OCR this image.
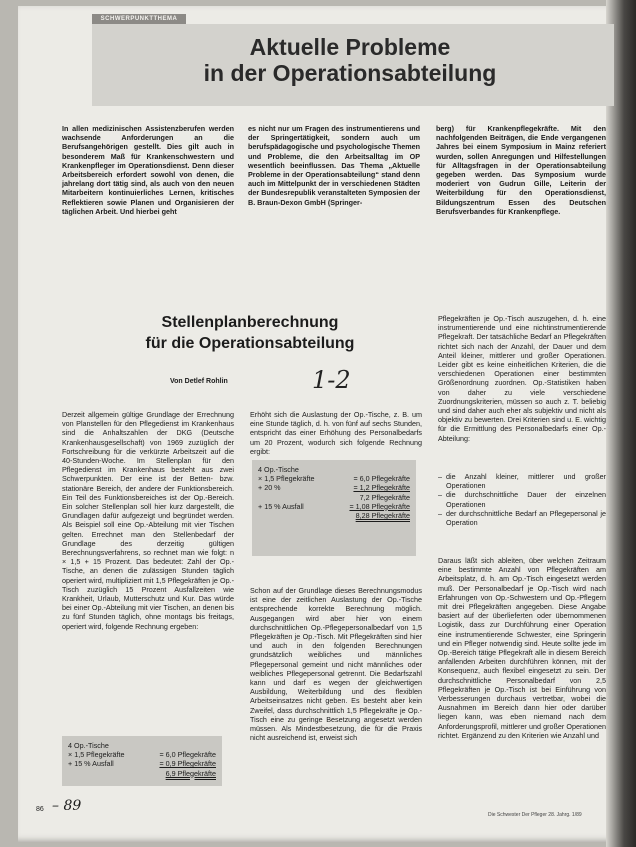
SCHWERPUNKTTHEMA
Aktuelle Probleme
in der Operationsabteilung
In allen medizinischen Assistenzberufen werden wachsende Anforderungen an die Berufsangehörigen gestellt. Dies gilt auch in besonderem Maß für Krankenschwestern und Krankenpfleger im Operationsdienst. Denn dieser Arbeitsbereich erfordert sowohl von denen, die jahrelang dort tätig sind, als auch von den neuen Mitarbeitern kontinuierliches Lernen, kritisches Reflektieren sowie Planen und Organisieren der täglichen Arbeit. Und hierbei geht
es nicht nur um Fragen des instrumentierens und der Springertätigkeit, sondern auch um berufspädagogische und psychologische Themen und Probleme, die den Arbeitsalltag im OP wesentlich beeinflussen. Das Thema „Aktuelle Probleme in der Operationsabteilung“ stand denn auch im Mittelpunkt der in verschiedenen Städten der Bundesrepublik veranstalteten Symposien der B. Braun-Dexon GmbH (Springer-
berg) für Krankenpflegekräfte. Mit den nachfolgenden Beiträgen, die Ende vergangenen Jahres bei einem Symposium in Mainz referiert wurden, sollen Anregungen und Hilfestellungen für Alltagsfragen in der Operationsabteilung gegeben werden. Das Symposium wurde moderiert von Gudrun Gille, Leiterin der Weiterbildung für den Operationsdienst, Bildungszentrum Essen des Deutschen Berufsverbandes für Krankenpflege.
Stellenplanberechnung
für die Operationsabteilung
Von Detlef Rohlin	1-2
Derzeit allgemein gültige Grundlage der Errechnung von Planstellen für den Pflegedienst im Krankenhaus sind die Anhaltszahlen der DKG (Deutsche Krankenhausgesellschaft) von 1969 zuzüglich der Fortschreibung für die verkürzte Arbeitszeit auf die 40-Stunden-Woche. Im Stellenplan für den Pflegedienst im Krankenhaus besteht aus zwei Schwerpunkten. Der eine ist der Betten- bzw. stationäre Bereich, der andere der Funktionsbereich. Ein Teil des Funktionsbereiches ist der Op.-Bereich. Ein solcher Stellenplan soll hier kurz dargestellt, die Grundlagen dafür aufgezeigt und begründet werden. Als Beispiel soll eine Op.-Abteilung mit vier Tischen gelten. Errechnet man den Stellenbedarf der Grundlage des derzeitig gültigen Berechnungsverfahrens, so rechnet man wie folgt: n × 1,5 + 15 Prozent. Das bedeutet: Zahl der Op.-Tische, an denen die zulässigen Stunden täglich operiert wird, multipliziert mit 1,5 Pflegekräften je Op.-Tisch zuzüglich 15 Prozent Ausfallzeiten wie Krankheit, Urlaub, Mutterschutz und Kur. Das würde bei einer Op.-Abteilung mit vier Tischen, an denen bis zu fünf Stunden täglich, ohne montags bis freitags, operiert wird, folgende Rechnung ergeben:
4 Op.-Tische
× 1,5 Pflegekräfte	= 6,0 Pflegekräfte
+ 15 % Ausfall	= 0,9 Pflegekräfte
6,9 Pflegekräfte
Erhöht sich die Auslastung der Op.-Tische, z. B. um eine Stunde täglich, d. h. von fünf auf sechs Stunden, entspricht das einer Erhöhung des Personalbedarfs um 20 Prozent, wodurch sich folgende Rechnung ergibt:
4 Op.-Tische
× 1,5 Pflegekräfte	= 6,0 Pflegekräfte
+ 20 %	= 1,2 Pflegekräfte
7,2 Pflegekräfte
+ 15 % Ausfall	= 1,08 Pflegekräfte
8,28 Pflegekräfte
Schon auf der Grundlage dieses Berechnungsmodus ist eine der zeitlichen Auslastung der Op.-Tische entsprechende korrekte Berechnung möglich. Ausgegangen wird aber hier von einem durchschnittlichen Op.-Pflegepersonalbedarf von 1,5 Pflegekräften je Op.-Tisch. Mit Pflegekräften sind hier und auch in den folgenden Berechnungen grundsätzlich weibliches und männliches Pflegepersonal gemeint und nicht männliches oder weibliches Pflegepersonal getrennt. Die Bedarfszahl kann und darf es wegen der gleichwertigen Ausbildung, Weiterbildung und des flexiblen Arbeitseinsatzes nicht geben. Es besteht aber kein Zweifel, dass durchschnittlich 1,5 Pflegekräfte je Op.-Tisch eine zu geringe Besetzung angesetzt werden müssen. Als Mindestbesetzung, die für die Praxis nicht ausreichend ist, erweist sich
Pflegekräften je Op.-Tisch auszugehen, d. h. eine instrumentierende und eine nichtinstrumentierende Pflegekraft. Der tatsächliche Bedarf an Pflegekräften richtet sich nach der Anzahl, der Dauer und dem Anteil kleiner, mittlerer und großer Operationen. Leider gibt es keine einheitlichen Kriterien, die die verschiedenen Operationen einer bestimmten Größenordnung zuordnen. Op.-Statistiken haben von daher zu viele verschiedene Zuordnungskriterien, müssen so auch z. T. beliebig und sind daher auch eher als subjektiv und nicht als objektiv zu bewerten. Drei Kriterien sind u. E. wichtig für die Ermittlung des Personalbedarfs einer Op.-Abteilung:
– die Anzahl kleiner, mittlerer und großer Operationen
– die durchschnittliche Dauer der einzelnen Operationen
– der durchschnittliche Bedarf an Pflegepersonal je Operation
Daraus läßt sich ableiten, über welchen Zeitraum eine bestimmte Anzahl von Pflegekräften am Arbeitsplatz, d. h. am Op.-Tisch eingesetzt werden muß. Der Personalbedarf je Op.-Tisch wird nach Erfahrungen von Op.-Schwestern und Op.-Pflegern mit drei Pflegekräften angegeben. Diese Angabe basiert auf der überlieferten oder übernommenen Logistik, dass zur Durchführung einer Operation eine instrumentierende Schwester, eine Springerin und ein Pfleger notwendig sind. Heute sollte jede im Op.-Bereich tätige Pflegekraft alle in diesem Bereich anfallenden Arbeiten durchführen können, mit der Konsequenz, auch flexibel eingesetzt zu sein. Der durchschnittliche Personalbedarf von 2,5 Pflegekräften je Op.-Tisch ist bei Einführung von Verbesserungen durchaus vertretbar, wobei die Ausnahmen im Bereich dann hier oder darüber liegen kann, was eben niemand nach dem Anforderungsprofil, mittlerer und großer Operationen richtet. Ergänzend zu den Kriterien wie Anzahl und
86 – 89
Die Schwester Der Pfleger 28. Jahrg. 1/89
